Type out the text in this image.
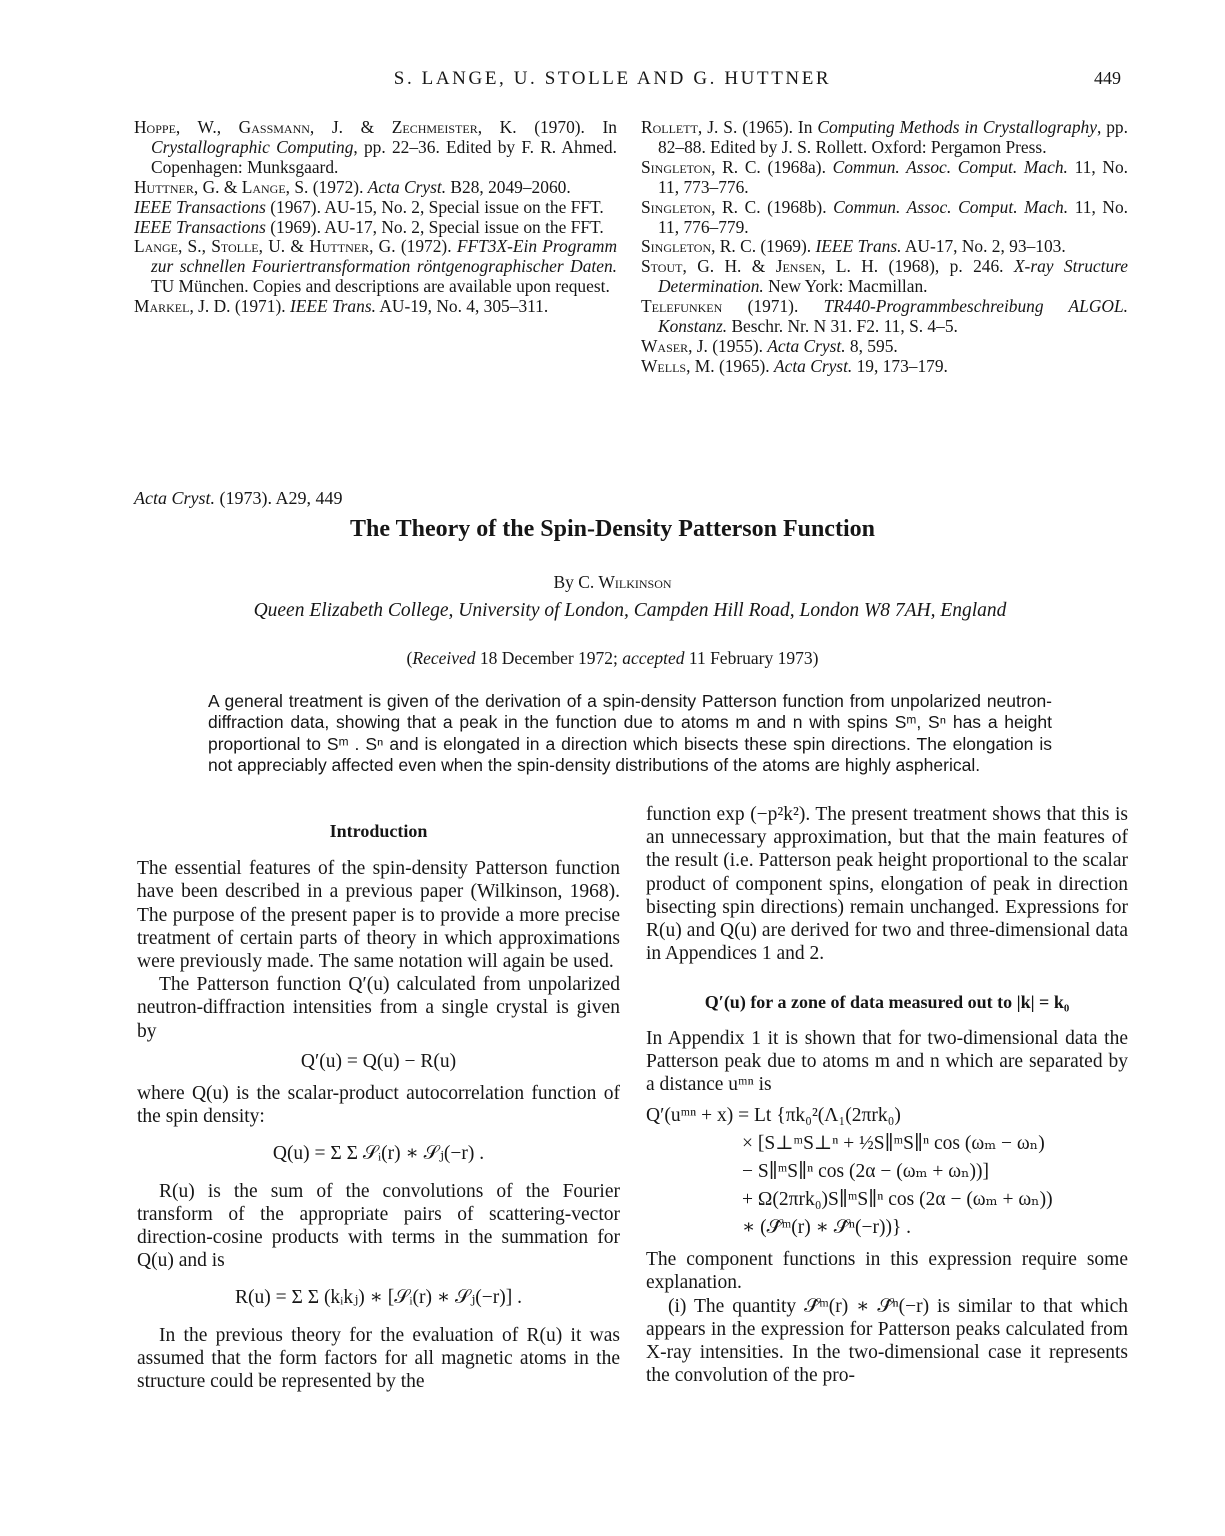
S. LANGE, U. STOLLE AND G. HUTTNER	449

Hoppe, W., Gassmann, J. & Zechmeister, K. (1970). In Crystallographic Computing, pp. 22–36. Edited by F. R. Ahmed. Copenhagen: Munksgaard.

Huttner, G. & Lange, S. (1972). Acta Cryst. B28, 2049–2060.

IEEE Transactions (1967). AU-15, No. 2, Special issue on the FFT.

IEEE Transactions (1969). AU-17, No. 2, Special issue on the FFT.

Lange, S., Stolle, U. & Huttner, G. (1972). FFT3X-Ein Programm zur schnellen Fouriertransformation röntgenographischer Daten. TU München. Copies and descriptions are available upon request.

Markel, J. D. (1971). IEEE Trans. AU-19, No. 4, 305–311.

Rollett, J. S. (1965). In Computing Methods in Crystallography, pp. 82–88. Edited by J. S. Rollett. Oxford: Pergamon Press.

Singleton, R. C. (1968a). Commun. Assoc. Comput. Mach. 11, No. 11, 773–776.

Singleton, R. C. (1968b). Commun. Assoc. Comput. Mach. 11, No. 11, 776–779.

Singleton, R. C. (1969). IEEE Trans. AU-17, No. 2, 93–103.

Stout, G. H. & Jensen, L. H. (1968), p. 246. X-ray Structure Determination. New York: Macmillan.

Telefunken (1971). TR440-Programmbeschreibung ALGOL. Konstanz. Beschr. Nr. N 31. F2. 11, S. 4–5.

Waser, J. (1955). Acta Cryst. 8, 595.

Wells, M. (1965). Acta Cryst. 19, 173–179.

Acta Cryst. (1973). A29, 449
The Theory of the Spin-Density Patterson Function
By C. Wilkinson
Queen Elizabeth College, University of London, Campden Hill Road, London W8 7AH, England
(Received 18 December 1972; accepted 11 February 1973)
A general treatment is given of the derivation of a spin-density Patterson function from unpolarized neutron-diffraction data, showing that a peak in the function due to atoms m and n with spins Sᵐ, Sⁿ has a height proportional to Sᵐ . Sⁿ and is elongated in a direction which bisects these spin directions. The elongation is not appreciably affected even when the spin-density distributions of the atoms are highly aspherical.

Introduction

The essential features of the spin-density Patterson function have been described in a previous paper (Wilkinson, 1968). The purpose of the present paper is to provide a more precise treatment of certain parts of theory in which approximations were previously made. The same notation will again be used.

The Patterson function Q′(u) calculated from unpolarized neutron-diffraction intensities from a single crystal is given by

Q′(u) = Q(u) − R(u)

where Q(u) is the scalar-product autocorrelation function of the spin density:

Q(u) = Σ Σ 𝒮ᵢ(r) ∗ 𝒮ⱼ(−r) .

R(u) is the sum of the convolutions of the Fourier transform of the appropriate pairs of scattering-vector direction-cosine products with terms in the summation for Q(u) and is

R(u) = Σ Σ (kᵢkⱼ) ∗ [𝒮ᵢ(r) ∗ 𝒮ⱼ(−r)] .

In the previous theory for the evaluation of R(u) it was assumed that the form factors for all magnetic atoms in the structure could be represented by the

function exp (−p²k²). The present treatment shows that this is an unnecessary approximation, but that the main features of the result (i.e. Patterson peak height proportional to the scalar product of component spins, elongation of peak in direction bisecting spin directions) remain unchanged. Expressions for R(u) and Q(u) are derived for two and three-dimensional data in Appendices 1 and 2.

Q′(u) for a zone of data measured out to |k| = k₀

In Appendix 1 it is shown that for two-dimensional data the Patterson peak due to atoms m and n which are separated by a distance uᵐⁿ is

Q′(uᵐⁿ + x) = Lt {πk₀²(Λ₁(2πrk₀)
× [S⊥ᵐS⊥ⁿ + ½S∥ᵐS∥ⁿ cos (ωₘ − ωₙ)
− S∥ᵐS∥ⁿ cos (2α − (ωₘ + ωₙ))]
+ Ω(2πrk₀)S∥ᵐS∥ⁿ cos (2α − (ωₘ + ωₙ))
∗ (𝒮̂ᵐ(r) ∗ 𝒮̂ⁿ(−r))} .

The component functions in this expression require some explanation.

(i) The quantity 𝒮̂ᵐ(r) ∗ 𝒮̂ⁿ(−r) is similar to that which appears in the expression for Patterson peaks calculated from X-ray intensities. In the two-dimensional case it represents the convolution of the pro-
